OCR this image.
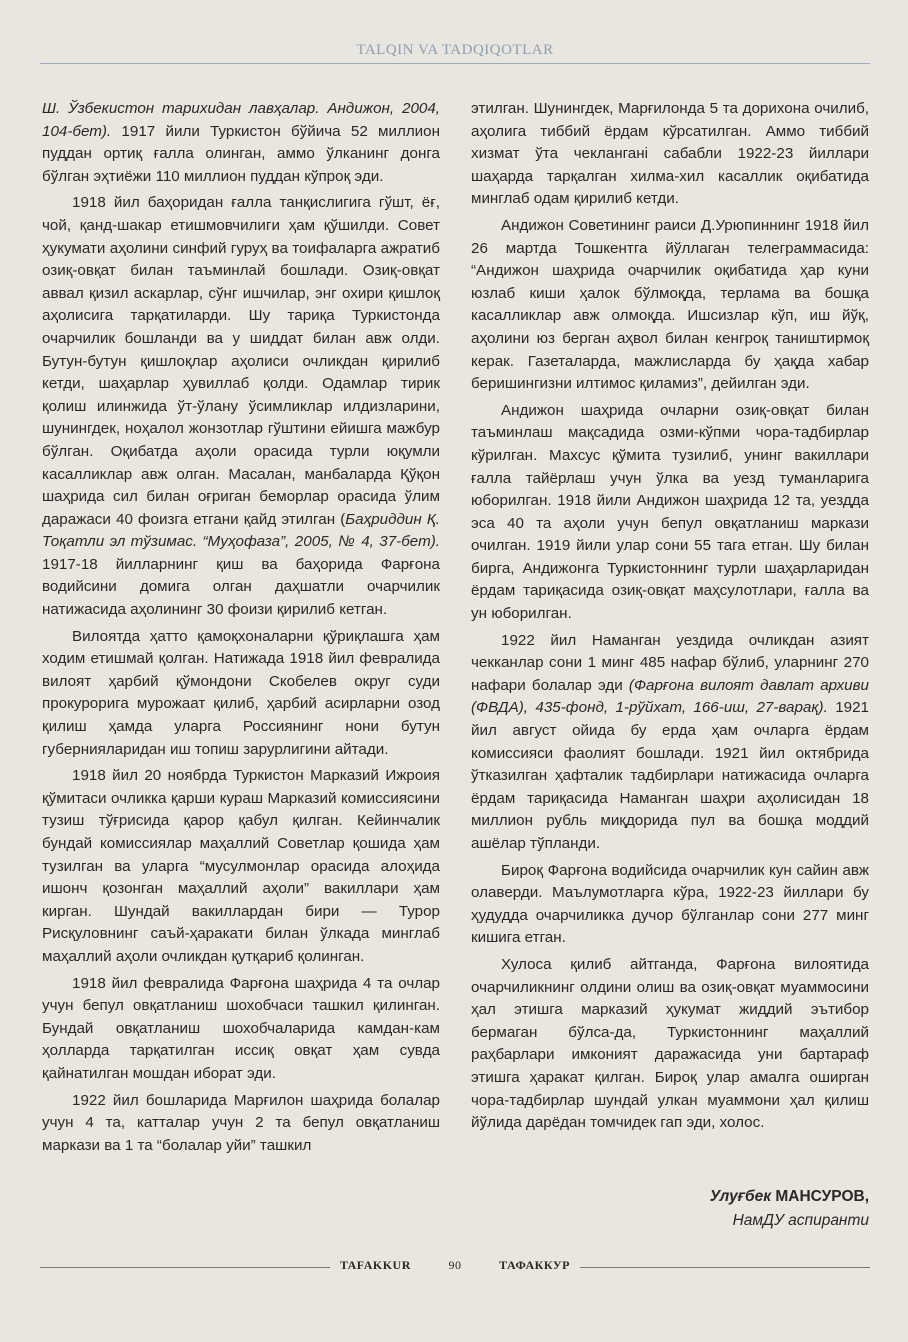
TALQIN VA TADQIQOTLAR

Ш. Ўзбекистон тарихидан лавҳалар. Андижон, 2004, 104-бет). 1917 йили Туркистон бўйича 52 миллион пуддан ортиқ ғалла олинган, аммо ўлканинг донга бўлган эҳтиёжи 110 миллион пуддан кўпроқ эди.

1918 йил баҳоридан ғалла танқислигига гўшт, ёғ, чой, қанд-шакар етишмовчилиги ҳам қўшилди. Совет ҳукумати аҳолини синфий гуруҳ ва тоифаларга ажратиб озиқ-овқат билан таъминлай бошлади. Озиқ-овқат аввал қизил аскарлар, сўнг ишчилар, энг охири қишлоқ аҳолисига тарқатиларди. Шу тариқа Туркистонда очарчилик бошланди ва у шиддат билан авж олди. Бутун-бутун қишлоқлар аҳолиси очликдан қирилиб кетди, шаҳарлар ҳувиллаб қолди. Одамлар тирик қолиш илинжида ўт-ўлану ўсимликлар илдизларини, шунингдек, ноҳалол жонзотлар гўштини ейишга мажбур бўлган. Оқибатда аҳоли орасида турли юқумли касалликлар авж олган. Масалан, манбаларда Қўқон шаҳрида сил билан оғриган беморлар орасида ўлим даражаси 40 фоизга етгани қайд этилган (Баҳриддин Қ. Тоқатли эл тўзимас. “Муҳофаза”, 2005, № 4, 37-бет). 1917-18 йилларнинг қиш ва баҳорида Фарғона водийсини домига олган даҳшатли очарчилик натижасида аҳолининг 30 фоизи қирилиб кетган.

Вилоятда ҳатто қамоқхоналарни қўриқлашга ҳам ходим етишмай қолган. Натижада 1918 йил февралида вилоят ҳарбий қўмондони Скобелев округ суди прокурорига мурожаат қилиб, ҳарбий асирларни озод қилиш ҳамда уларга Россиянинг нони бутун губернияларидан иш топиш зарурлигини айтади.

1918 йил 20 ноябрда Туркистон Марказий Ижроия қўмитаси очликка қарши кураш Марказий комиссиясини тузиш тўғрисида қарор қабул қилган. Кейинчалик бундай комиссиялар маҳаллий Советлар қошида ҳам тузилган ва уларга “мусулмонлар орасида алоҳида ишонч қозонган маҳаллий аҳоли” вакиллари ҳам кирган. Шундай вакиллардан бири — Турор Рисқуловнинг саъй-ҳаракати билан ўлкада минглаб маҳаллий аҳоли очликдан қутқариб қолинган.

1918 йил февралида Фарғона шаҳрида 4 та очлар учун бепул овқатланиш шохобчаси ташкил қилинган. Бундай овқатланиш шохобчаларида камдан-кам ҳолларда тарқатилган иссиқ овқат ҳам сувда қайнатилган мошдан иборат эди.

1922 йил бошларида Марғилон шаҳрида болалар учун 4 та, катталар учун 2 та бепул овқатланиш маркази ва 1 та “болалар уйи” ташкил

этилган. Шунингдек, Марғилонда 5 та дорихона очилиб, аҳолига тиббий ёрдам кўрсатилган. Аммо тиббий хизмат ўта чекланганi сабабли 1922-23 йиллари шаҳарда тарқалган хилма-хил касаллик оқибатида минглаб одам қирилиб кетди.

Андижон Советининг раиси Д.Урюпиннинг 1918 йил 26 мартда Тошкентга йўллаган телеграммасида: “Андижон шаҳрида очарчилик оқибатида ҳар куни юзлаб киши ҳалок бўлмоқда, терлама ва бошқа касалликлар авж олмоқда. Ишсизлар кўп, иш йўқ, аҳолини юз берган аҳвол билан кенгроқ таништирмоқ керак. Газеталарда, мажлисларда бу ҳақда хабар беришингизни илтимос қиламиз”, дейилган эди.

Андижон шаҳрида очларни озиқ-овқат билан таъминлаш мақсадида озми-кўпми чора-тадбирлар кўрилган. Махсус қўмита тузилиб, унинг вакиллари ғалла тайёрлаш учун ўлка ва уезд туманларига юборилган. 1918 йили Андижон шаҳрида 12 та, уездда эса 40 та аҳоли учун бепул овқатланиш маркази очилган. 1919 йили улар сони 55 тага етган. Шу билан бирга, Андижонга Туркистоннинг турли шаҳарларидан ёрдам тариқасида озиқ-овқат маҳсулотлари, ғалла ва ун юборилган.

1922 йил Наманган уездида очликдан азият чекканлар сони 1 минг 485 нафар бўлиб, уларнинг 270 нафари болалар эди (Фарғона вилоят давлат архиви (ФВДА), 435-фонд, 1-рўйхат, 166-иш, 27-варақ). 1921 йил август ойида бу ерда ҳам очларга ёрдам комиссияси фаолият бошлади. 1921 йил октябрида ўтказилган ҳафталик тадбирлари натижасида очларга ёрдам тариқасида Наманган шаҳри аҳолисидан 18 миллион рубль миқдорида пул ва бошқа моддий ашёлар тўпланди.

Бироқ Фарғона водийсида очарчилик кун сайин авж олаверди. Маълумотларга кўра, 1922-23 йиллари бу ҳудудда очарчиликка дучор бўлганлар сони 277 минг кишига етган.

Хулоса қилиб айтганда, Фарғона вилоятида очарчиликнинг олдини олиш ва озиқ-овқат муаммосини ҳал этишга марказий ҳукумат жиддий эътибор бермаган бўлса-да, Туркистоннинг маҳаллий раҳбарлари имконият даражасида уни бартараф этишга ҳаракат қилган. Бироқ улар амалга оширган чора-тадбирлар шундай улкан муаммони ҳал қилиш йўлида дарёдан томчидек гап эди, холос.

Улуғбек МАНСУРОВ,
НамДУ аспиранти
TAFAKKUR	90	ТАФАККУР
